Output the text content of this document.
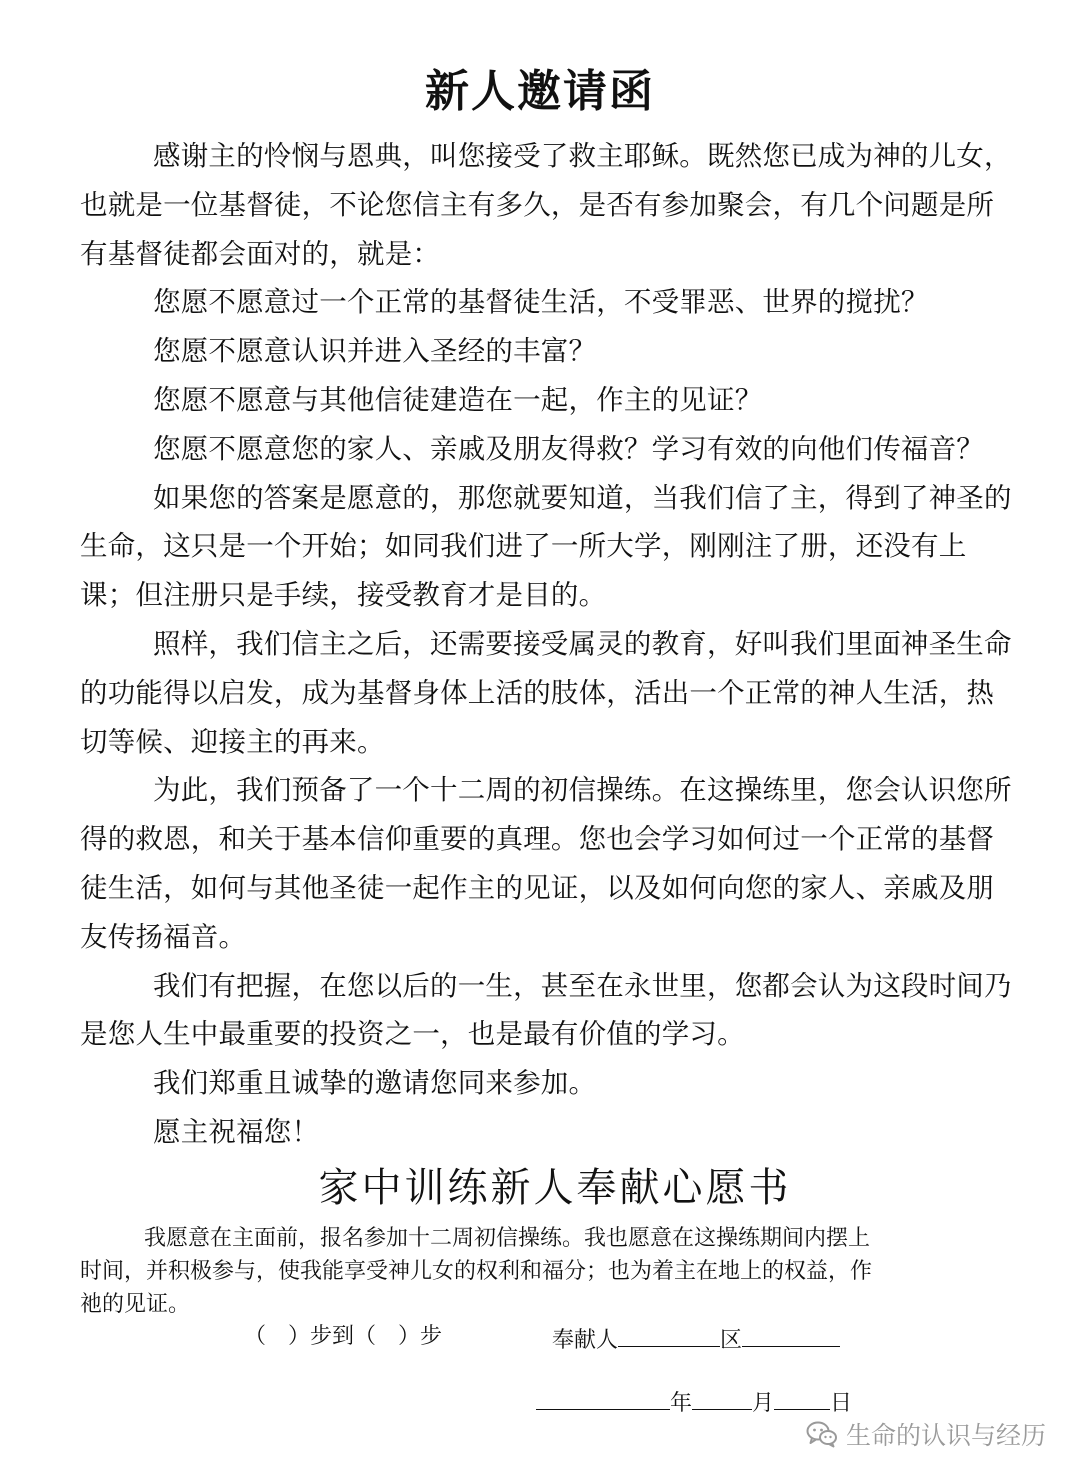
新人邀请函

感谢主的怜悯与恩典，叫您接受了救主耶稣。既然您已成为神的儿女，也就是一位基督徒，不论您信主有多久，是否有参加聚会，有几个问题是所有基督徒都会面对的，就是：

您愿不愿意过一个正常的基督徒生活，不受罪恶、世界的搅扰？

您愿不愿意认识并进入圣经的丰富？

您愿不愿意与其他信徒建造在一起，作主的见证？

您愿不愿意您的家人、亲戚及朋友得救？学习有效的向他们传福音？

如果您的答案是愿意的，那您就要知道，当我们信了主，得到了神圣的生命，这只是一个开始；如同我们进了一所大学，刚刚注了册，还没有上课；但注册只是手续，接受教育才是目的。

照样，我们信主之后，还需要接受属灵的教育，好叫我们里面神圣生命的功能得以启发，成为基督身体上活的肢体，活出一个正常的神人生活，热切等候、迎接主的再来。

为此，我们预备了一个十二周的初信操练。在这操练里，您会认识您所得的救恩，和关于基本信仰重要的真理。您也会学习如何过一个正常的基督徒生活，如何与其他圣徒一起作主的见证，以及如何向您的家人、亲戚及朋友传扬福音。

我们有把握，在您以后的一生，甚至在永世里，您都会认为这段时间乃是您人生中最重要的投资之一，也是最有价值的学习。

我们郑重且诚挚的邀请您同来参加。

愿主祝福您！

家中训练新人奉献心愿书

我愿意在主面前，报名参加十二周初信操练。我也愿意在这操练期间内摆上时间，并积极参与，使我能享受神儿女的权利和福分；也为着主在地上的权益，作祂的见证。

（　）步到（　）步	奉献人	区
年	月	日
生命的认识与经历
